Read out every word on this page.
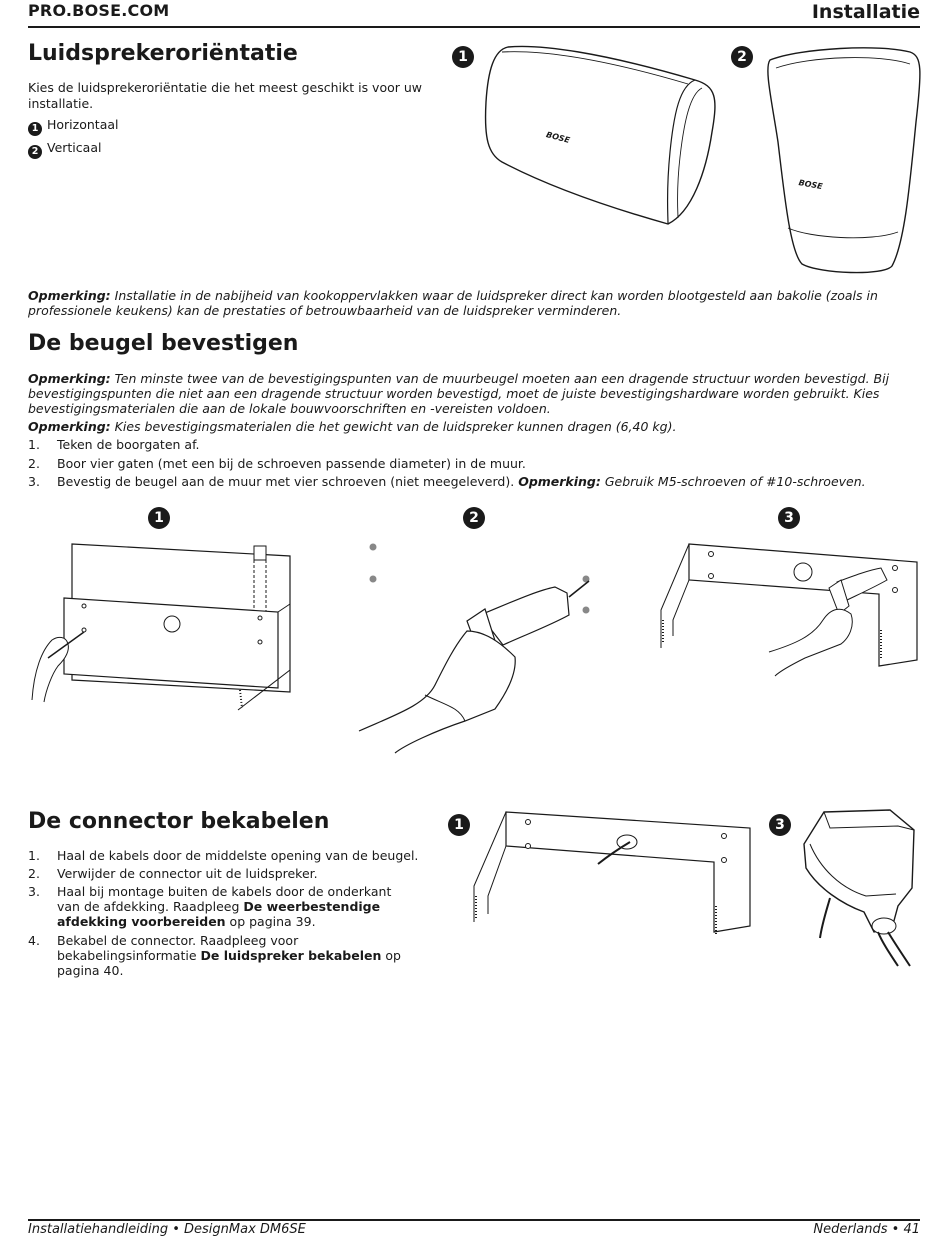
PRO.BOSE.COM	Installatie
Luidsprekeroriëntatie
Kies de luidsprekeroriëntatie die het meest geschikt is voor uw installatie.
1 Horizontaal
2 Verticaal
1	2
BOSE
BOSE
Opmerking: Installatie in de nabijheid van kookoppervlakken waar de luidspreker direct kan worden blootgesteld aan bakolie (zoals in professionele keukens) kan de prestaties of betrouwbaarheid van de luidspreker verminderen.
De beugel bevestigen
Opmerking: Ten minste twee van de bevestigingspunten van de muurbeugel moeten aan een dragende structuur worden bevestigd. Bij bevestigingspunten die niet aan een dragende structuur worden bevestigd, moet de juiste bevestigingshardware worden gebruikt. Kies bevestigingsmaterialen die aan de lokale bouwvoorschriften en -vereisten voldoen.
Opmerking: Kies bevestigingsmaterialen die het gewicht van de luidspreker kunnen dragen (6,40 kg).
1. Teken de boorgaten af.
2. Boor vier gaten (met een bij de schroeven passende diameter) in de muur.
3. Bevestig de beugel aan de muur met vier schroeven (niet meegeleverd). Opmerking: Gebruik M5-schroeven of #10-schroeven.
1	2	3
De connector bekabelen
1. Haal de kabels door de middelste opening van de beugel.
2. Verwijder de connector uit de luidspreker.
3. Haal bij montage buiten de kabels door de onderkant van de afdekking. Raadpleeg De weerbestendige afdekking voorbereiden op pagina 39.
4. Bekabel de connector. Raadpleeg voor bekabelingsinformatie De luidspreker bekabelen op pagina 40.
1	3
Installatiehandleiding • DesignMax DM6SE	Nederlands • 41
